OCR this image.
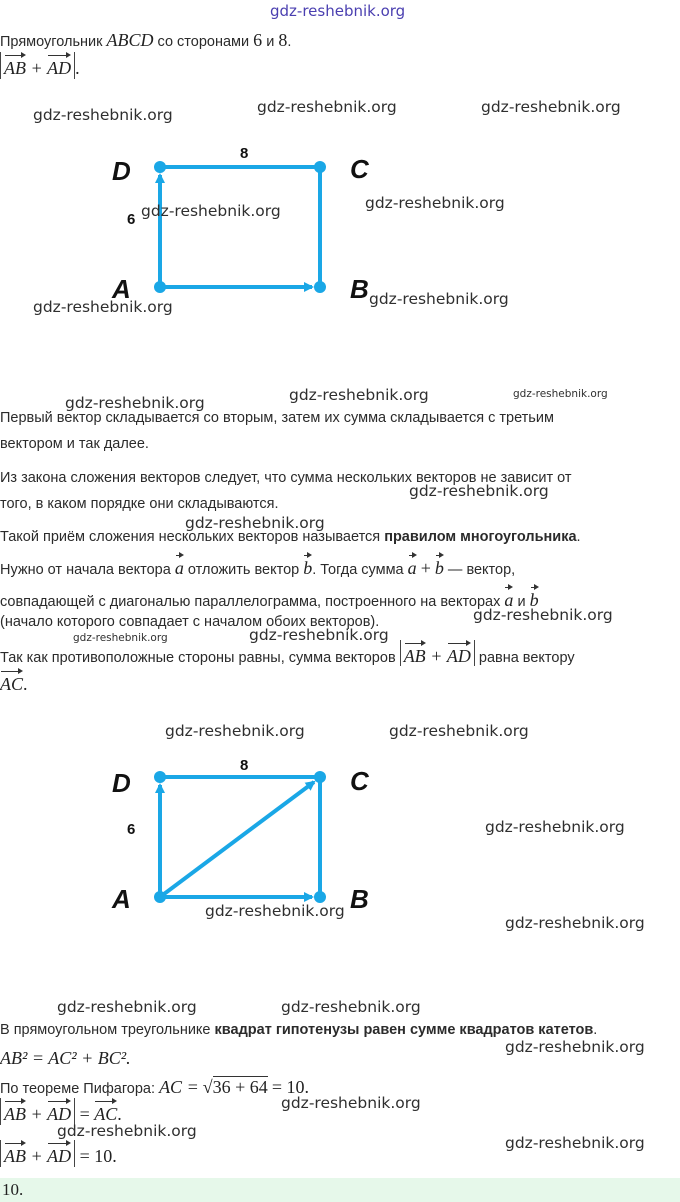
gdz-reshebnik.org
Прямоугольник ABCD со сторонами 6 и 8.
AB + AD .
D	C
A	B
8
6
Первый вектор складывается со вторым, затем их сумма складывается с третьим
вектором и так далее.
Из закона сложения векторов следует, что сумма нескольких векторов не зависит от
того, в каком порядке они складываются.
Такой приём сложения нескольких векторов называется правилом многоугольника.
Нужно от начала вектора a отложить вектор b. Тогда сумма a + b — вектор,
совпадающей с диагональю параллелограмма, построенного на векторах a и b
(начало которого совпадает с началом обоих векторов).
Так как противоположные стороны равны, сумма векторов AB + AD равна вектору
AC.
D	C
A	B
8
6
В прямоугольном треугольнике квадрат гипотенузы равен сумме квадратов катетов.
AB² = AC² + BC².
По теореме Пифагора: AC = √36 + 64 = 10.
AB + AD = AC.
AB + AD = 10.
10.
gdz-reshebnik.org	gdz-reshebnik.org	gdz-reshebnik.org
gdz-reshebnik.org	gdz-reshebnik.org
gdz-reshebnik.org	gdz-reshebnik.org
gdz-reshebnik.org	gdz-reshebnik.org	gdz-reshebnik.org
gdz-reshebnik.org
gdz-reshebnik.org
gdz-reshebnik.org
gdz-reshebnik.org	gdz-reshebnik.org
gdz-reshebnik.org	gdz-reshebnik.org
gdz-reshebnik.org
gdz-reshebnik.org
gdz-reshebnik.org
gdz-reshebnik.org	gdz-reshebnik.org
gdz-reshebnik.org
gdz-reshebnik.org
gdz-reshebnik.org
gdz-reshebnik.org
